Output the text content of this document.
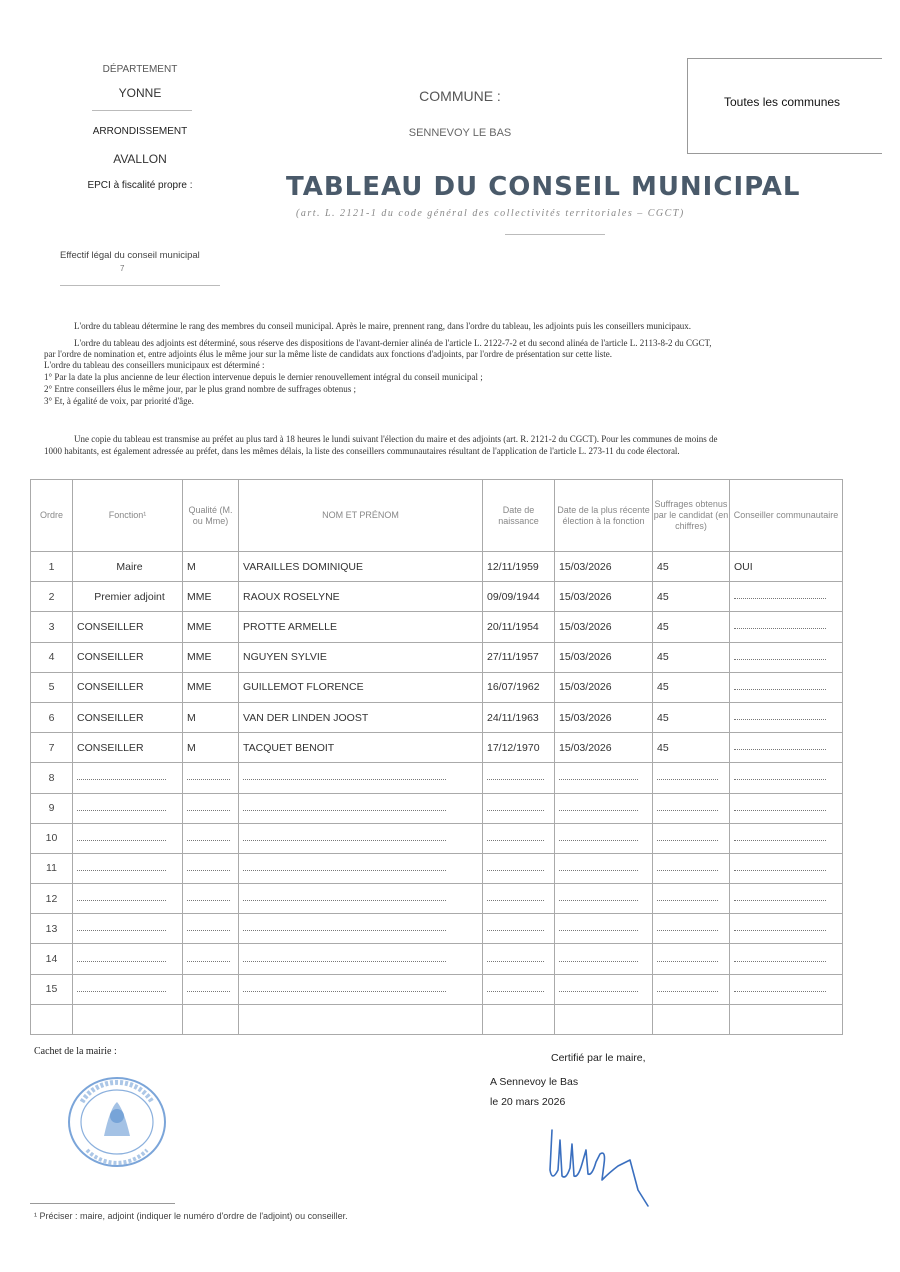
DÉPARTEMENT
YONNE
ARRONDISSEMENT
AVALLON
EPCI à fiscalité propre :
COMMUNE :
SENNEVOY LE BAS
Toutes les communes
TABLEAU DU CONSEIL MUNICIPAL
(art. L. 2121-1 du code général des collectivités territoriales – CGCT)
Effectif légal du conseil municipal
7
L'ordre du tableau détermine le rang des membres du conseil municipal. Après le maire, prennent rang, dans l'ordre du tableau, les adjoints puis les conseillers municipaux.
L'ordre du tableau des adjoints est déterminé, sous réserve des dispositions de l'avant-dernier alinéa de l'article L. 2122-7-2 et du second alinéa de l'article L. 2113-8-2 du CGCT,
par l'ordre de nomination et, entre adjoints élus le même jour sur la même liste de candidats aux fonctions d'adjoints, par l'ordre de présentation sur cette liste.
L'ordre du tableau des conseillers municipaux est déterminé :
1° Par la date la plus ancienne de leur élection intervenue depuis le dernier renouvellement intégral du conseil municipal ;
2° Entre conseillers élus le même jour, par le plus grand nombre de suffrages obtenus ;
3° Et, à égalité de voix, par priorité d'âge.
Une copie du tableau est transmise au préfet au plus tard à 18 heures le lundi suivant l'élection du maire et des adjoints (art. R. 2121-2 du CGCT). Pour les communes de moins de
1000 habitants, est également adressée au préfet, dans les mêmes délais, la liste des conseillers communautaires résultant de l'application de l'article L. 273-11 du code électoral.
Ordre	Fonction¹	Qualité (M. ou Mme)	NOM ET PRÉNOM	Date de naissance	Date de la plus récente élection à la fonction	Suffrages obtenus par le candidat (en chiffres)	Conseiller communautaire
1	Maire	M	VARAILLES DOMINIQUE	12/11/1959	15/03/2026	45	OUI
2	Premier adjoint	MME	RAOUX ROSELYNE	09/09/1944	15/03/2026	45	

3	CONSEILLER	MME	PROTTE ARMELLE	20/11/1954	15/03/2026	45	

4	CONSEILLER	MME	NGUYEN SYLVIE	27/11/1957	15/03/2026	45	

5	CONSEILLER	MME	GUILLEMOT FLORENCE	16/07/1962	15/03/2026	45	

6	CONSEILLER	M	VAN DER LINDEN JOOST	24/11/1963	15/03/2026	45	

7	CONSEILLER	M	TACQUET BENOIT	17/12/1970	15/03/2026	45	

8	

9	

10	

11	

12	

13	

14	

15	

Cachet de la mairie :
Certifié par le maire,
A Sennevoy le Bas
le 20 mars 2026
¹ Préciser : maire, adjoint (indiquer le numéro d'ordre de l'adjoint) ou conseiller.
